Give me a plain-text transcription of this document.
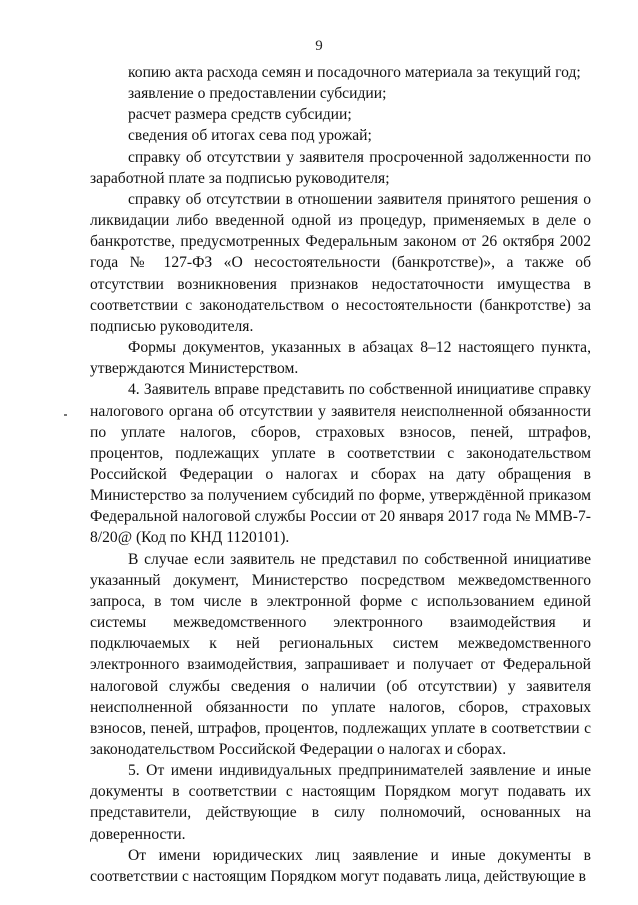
9

копию акта расхода семян и посадочного материала за текущий год;

заявление о предоставлении субсидии;

расчет размера средств субсидии;

сведения об итогах сева под урожай;

справку об отсутствии у заявителя просроченной задолженности по заработной плате за подписью руководителя;

справку об отсутствии в отношении заявителя принятого решения о ликвидации либо введенной одной из процедур, применяемых в деле о банкротстве, предусмотренных Федеральным законом от 26 октября 2002 года № 127-ФЗ «О несостоятельности (банкротстве)», а также об отсутствии возникновения признаков недостаточности имущества в соответствии с законодательством о несостоятельности (банкротстве) за подписью руководителя.

Формы документов, указанных в абзацах 8–12 настоящего пункта, утверждаются Министерством.

4. Заявитель вправе представить по собственной инициативе справку налогового органа об отсутствии у заявителя неисполненной обязанности по уплате налогов, сборов, страховых взносов, пеней, штрафов, процентов, подлежащих уплате в соответствии с законодательством Российской Федерации о налогах и сборах на дату обращения в Министерство за получением субсидий по форме, утверждённой приказом Федеральной налоговой службы России от 20 января 2017 года № ММВ-7-8/20@ (Код по КНД 1120101).

В случае если заявитель не представил по собственной инициативе указанный документ, Министерство посредством межведомственного запроса, в том числе в электронной форме с использованием единой системы межведомственного электронного взаимодействия и подключаемых к ней региональных систем межведомственного электронного взаимодействия, запрашивает и получает от Федеральной налоговой службы сведения о наличии (об отсутствии) у заявителя неисполненной обязанности по уплате налогов, сборов, страховых взносов, пеней, штрафов, процентов, подлежащих уплате в соответствии с законодательством Российской Федерации о налогах и сборах.

5. От имени индивидуальных предпринимателей заявление и иные документы в соответствии с настоящим Порядком могут подавать их представители, действующие в силу полномочий, основанных на доверенности.

От имени юридических лиц заявление и иные документы в соответствии с настоящим Порядком могут подавать лица, действующие в
